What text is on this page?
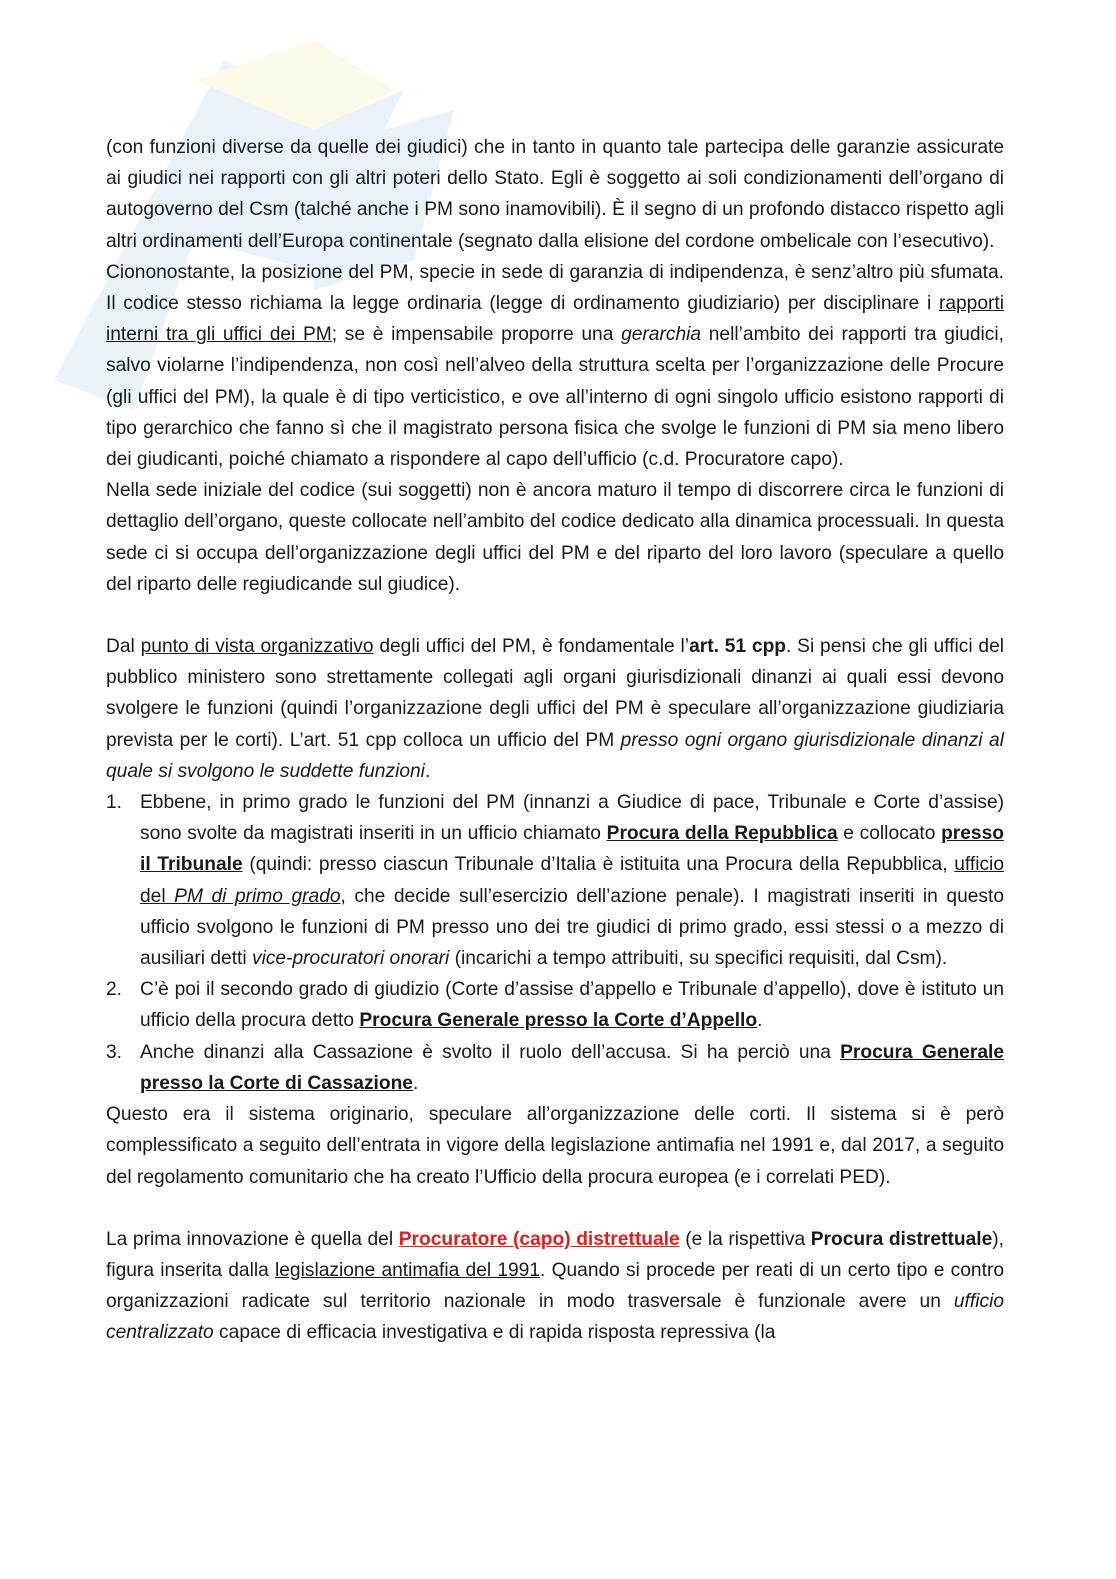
(con funzioni diverse da quelle dei giudici) che in tanto in quanto tale partecipa delle garanzie assicurate ai giudici nei rapporti con gli altri poteri dello Stato. Egli è soggetto ai soli condizionamenti dell’organo di autogoverno del Csm (talché anche i PM sono inamovibili). È il segno di un profondo distacco rispetto agli altri ordinamenti dell’Europa continentale (segnato dalla elisione del cordone ombelicale con l’esecutivo).

Ciononostante, la posizione del PM, specie in sede di garanzia di indipendenza, è senz’altro più sfumata. Il codice stesso richiama la legge ordinaria (legge di ordinamento giudiziario) per disciplinare i rapporti interni tra gli uffici dei PM; se è impensabile proporre una gerarchia nell’ambito dei rapporti tra giudici, salvo violarne l’indipendenza, non così nell’alveo della struttura scelta per l’organizzazione delle Procure (gli uffici del PM), la quale è di tipo verticistico, e ove all’interno di ogni singolo ufficio esistono rapporti di tipo gerarchico che fanno sì che il magistrato persona fisica che svolge le funzioni di PM sia meno libero dei giudicanti, poiché chiamato a rispondere al capo dell’ufficio (c.d. Procuratore capo).

Nella sede iniziale del codice (sui soggetti) non è ancora maturo il tempo di discorrere circa le funzioni di dettaglio dell’organo, queste collocate nell’ambito del codice dedicato alla dinamica processuali. In questa sede ci si occupa dell’organizzazione degli uffici del PM e del riparto del loro lavoro (speculare a quello del riparto delle regiudicande sul giudice).

Dal punto di vista organizzativo degli uffici del PM, è fondamentale l’art. 51 cpp. Si pensi che gli uffici del pubblico ministero sono strettamente collegati agli organi giurisdizionali dinanzi ai quali essi devono svolgere le funzioni (quindi l’organizzazione degli uffici del PM è speculare all’organizzazione giudiziaria prevista per le corti). L’art. 51 cpp colloca un ufficio del PM presso ogni organo giurisdizionale dinanzi al quale si svolgono le suddette funzioni.

1. Ebbene, in primo grado le funzioni del PM (innanzi a Giudice di pace, Tribunale e Corte d’assise) sono svolte da magistrati inseriti in un ufficio chiamato Procura della Repubblica e collocato presso il Tribunale (quindi: presso ciascun Tribunale d’Italia è istituita una Procura della Repubblica, ufficio del PM di primo grado, che decide sull’esercizio dell’azione penale). I magistrati inseriti in questo ufficio svolgono le funzioni di PM presso uno dei tre giudici di primo grado, essi stessi o a mezzo di ausiliari detti vice-procuratori onorari (incarichi a tempo attribuiti, su specifici requisiti, dal Csm).
2. C’è poi il secondo grado di giudizio (Corte d’assise d’appello e Tribunale d’appello), dove è istituto un ufficio della procura detto Procura Generale presso la Corte d’Appello.
3. Anche dinanzi alla Cassazione è svolto il ruolo dell’accusa. Si ha perciò una Procura Generale presso la Corte di Cassazione.

Questo era il sistema originario, speculare all’organizzazione delle corti. Il sistema si è però complessificato a seguito dell’entrata in vigore della legislazione antimafia nel 1991 e, dal 2017, a seguito del regolamento comunitario che ha creato l’Ufficio della procura europea (e i correlati PED).

La prima innovazione è quella del Procuratore (capo) distrettuale (e la rispettiva Procura distrettuale), figura inserita dalla legislazione antimafia del 1991. Quando si procede per reati di un certo tipo e contro organizzazioni radicate sul territorio nazionale in modo trasversale è funzionale avere un ufficio centralizzato capace di efficacia investigativa e di rapida risposta repressiva (la
